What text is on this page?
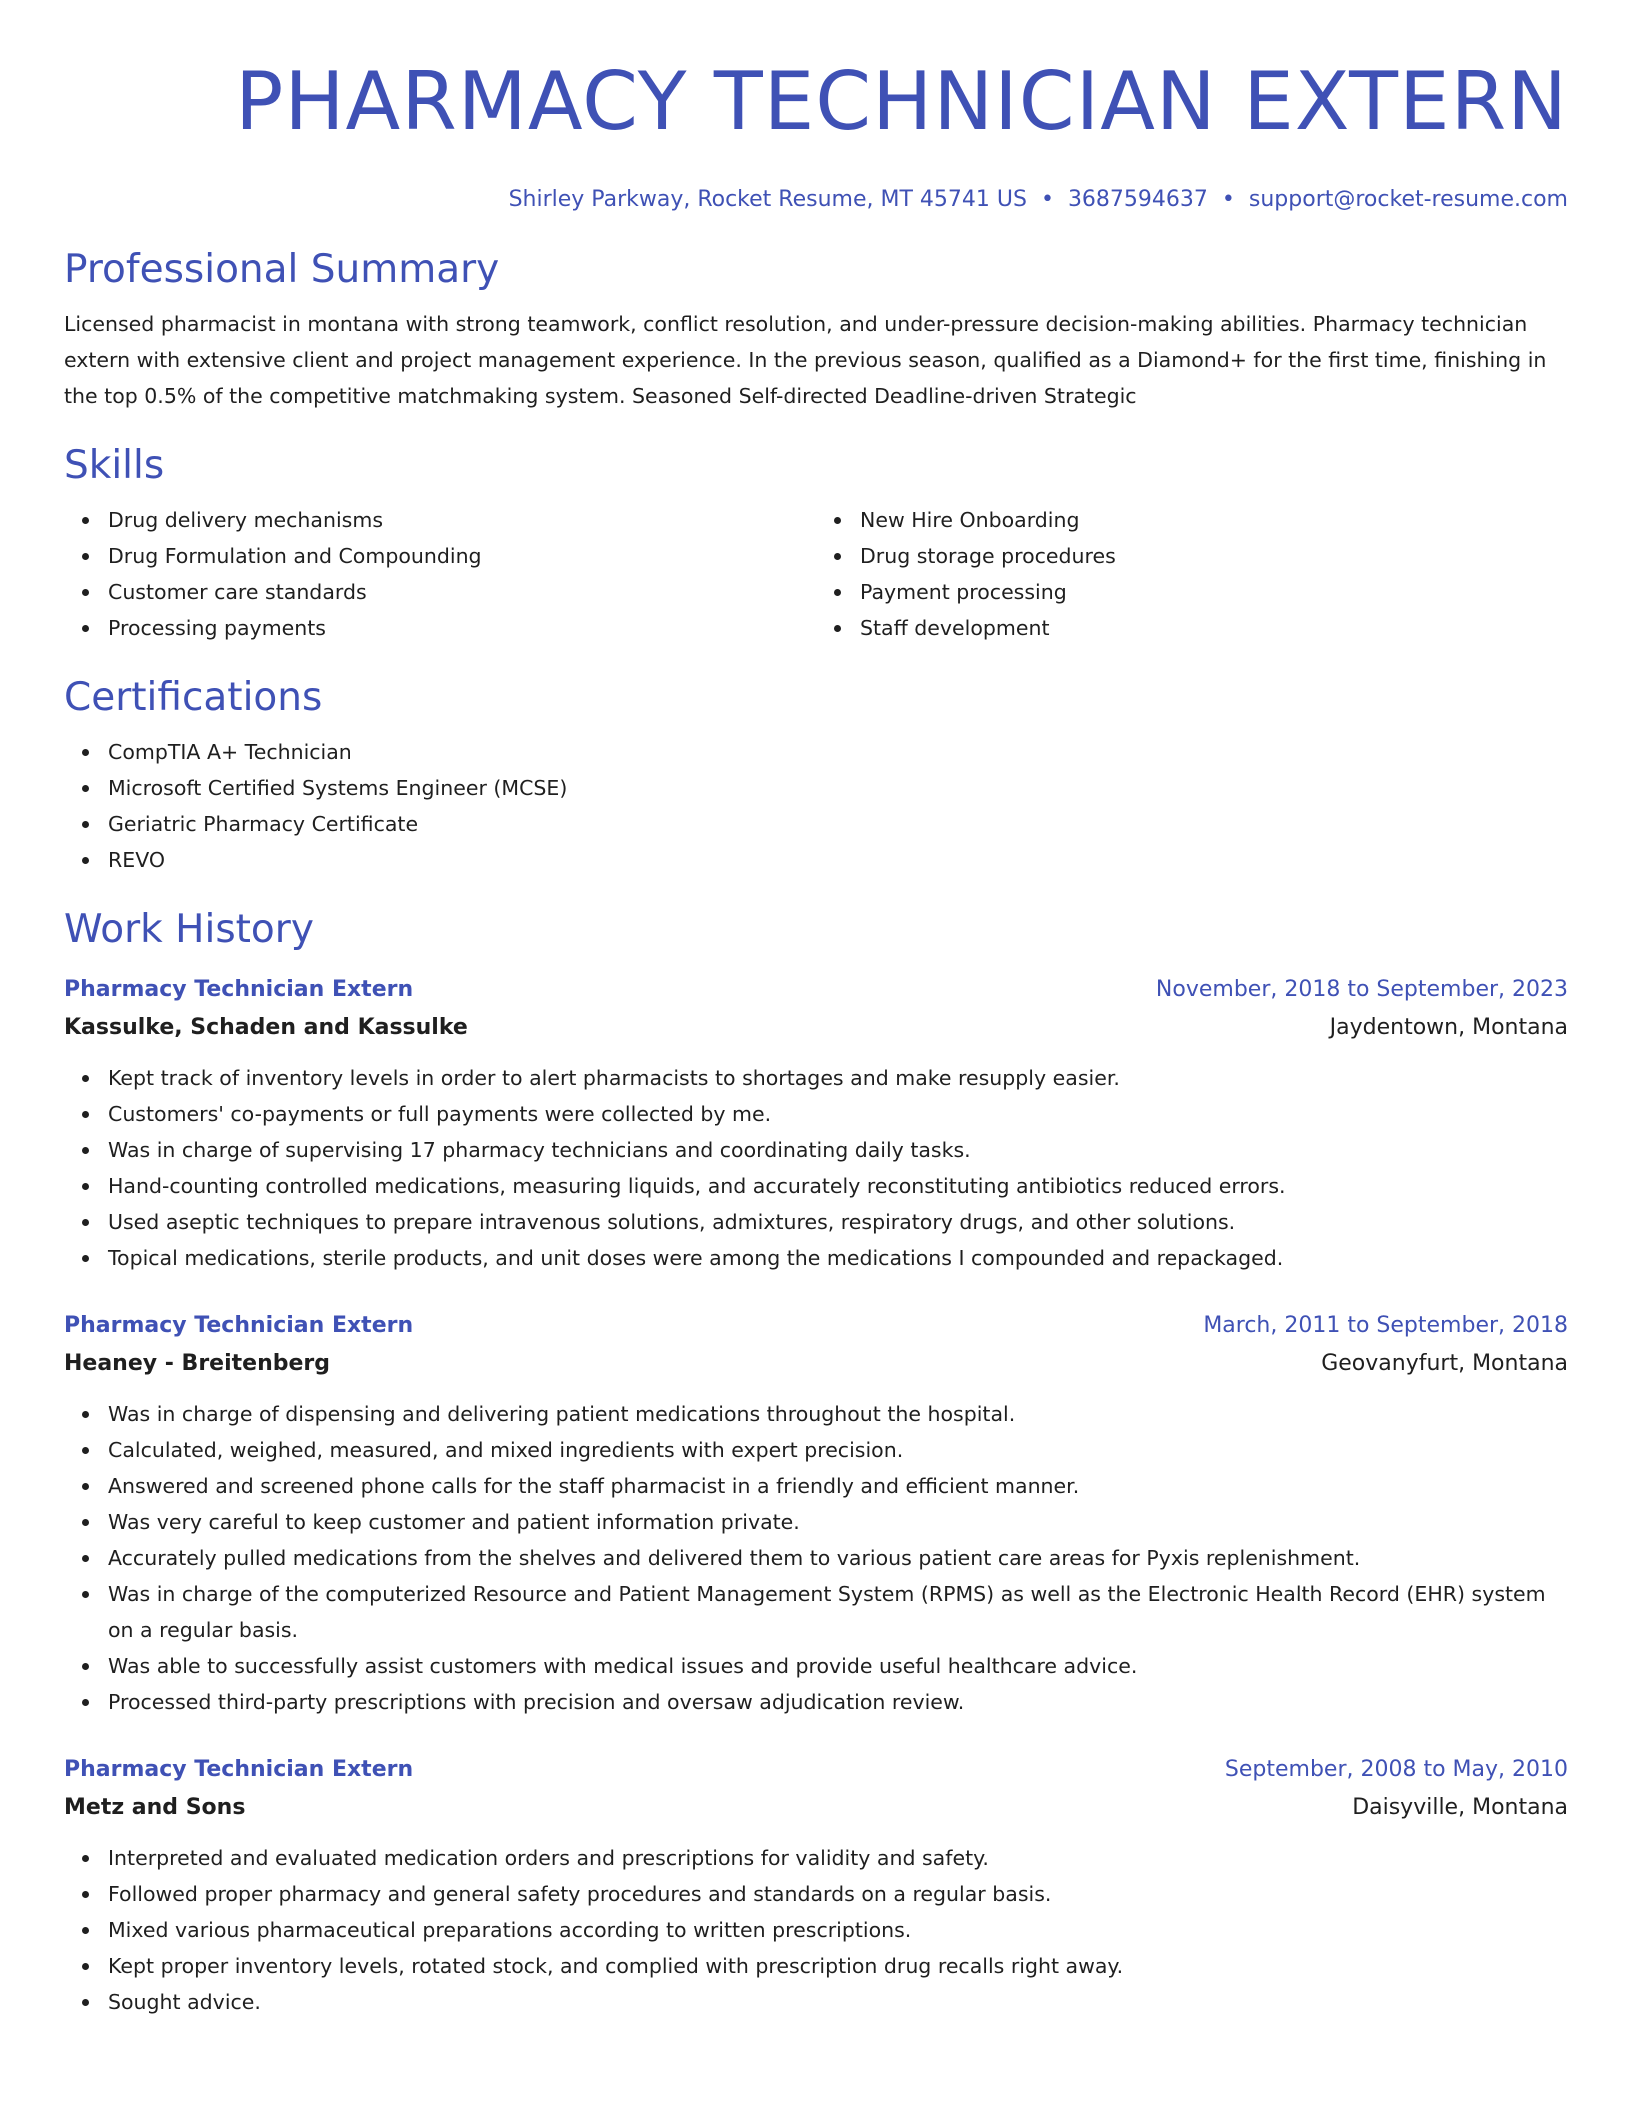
PHARMACY TECHNICIAN EXTERN
Shirley Parkway, Rocket Resume, MT 45741 US • 3687594637 • support@rocket-resume.com
Professional Summary

Licensed pharmacist in montana with strong teamwork, conflict resolution, and under-pressure decision-making abilities. Pharmacy technician extern with extensive client and project management experience. In the previous season, qualified as a Diamond+ for the first time, finishing in the top 0.5% of the competitive matchmaking system. Seasoned Self-directed Deadline-driven Strategic

Skills
Drug delivery mechanisms
Drug Formulation and Compounding
Customer care standards
Processing payments
New Hire Onboarding
Drug storage procedures
Payment processing
Staff development
Certifications
CompTIA A+ Technician
Microsoft Certified Systems Engineer (MCSE)
Geriatric Pharmacy Certificate
REVO
Work History
Pharmacy Technician Extern	November, 2018 to September, 2023
Kassulke, Schaden and Kassulke	Jaydentown, Montana
Kept track of inventory levels in order to alert pharmacists to shortages and make resupply easier.
Customers' co-payments or full payments were collected by me.
Was in charge of supervising 17 pharmacy technicians and coordinating daily tasks.
Hand-counting controlled medications, measuring liquids, and accurately reconstituting antibiotics reduced errors.
Used aseptic techniques to prepare intravenous solutions, admixtures, respiratory drugs, and other solutions.
Topical medications, sterile products, and unit doses were among the medications I compounded and repackaged.
Pharmacy Technician Extern	March, 2011 to September, 2018
Heaney - Breitenberg	Geovanyfurt, Montana
Was in charge of dispensing and delivering patient medications throughout the hospital.
Calculated, weighed, measured, and mixed ingredients with expert precision.
Answered and screened phone calls for the staff pharmacist in a friendly and efficient manner.
Was very careful to keep customer and patient information private.
Accurately pulled medications from the shelves and delivered them to various patient care areas for Pyxis replenishment.
Was in charge of the computerized Resource and Patient Management System (RPMS) as well as the Electronic Health Record (EHR) system on a regular basis.
Was able to successfully assist customers with medical issues and provide useful healthcare advice.
Processed third-party prescriptions with precision and oversaw adjudication review.
Pharmacy Technician Extern	September, 2008 to May, 2010
Metz and Sons	Daisyville, Montana
Interpreted and evaluated medication orders and prescriptions for validity and safety.
Followed proper pharmacy and general safety procedures and standards on a regular basis.
Mixed various pharmaceutical preparations according to written prescriptions.
Kept proper inventory levels, rotated stock, and complied with prescription drug recalls right away.
Sought advice.
